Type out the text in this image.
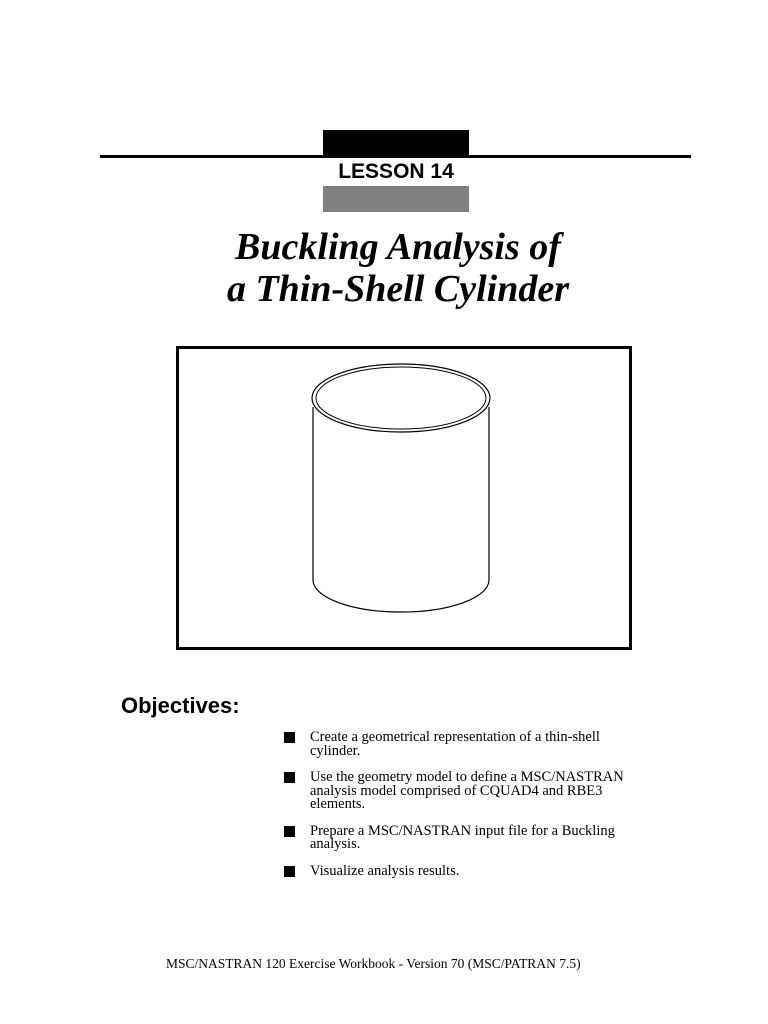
LESSON 14
Buckling Analysis of
a Thin-Shell Cylinder
Objectives:
Create a geometrical representation of a thin-shell
cylinder.
Use the geometry model to define a MSC/NASTRAN
analysis model comprised of CQUAD4 and RBE3
elements.
Prepare a MSC/NASTRAN input file for a Buckling
analysis.
Visualize analysis results.
MSC/NASTRAN 120 Exercise Workbook - Version 70 (MSC/PATRAN 7.5)
